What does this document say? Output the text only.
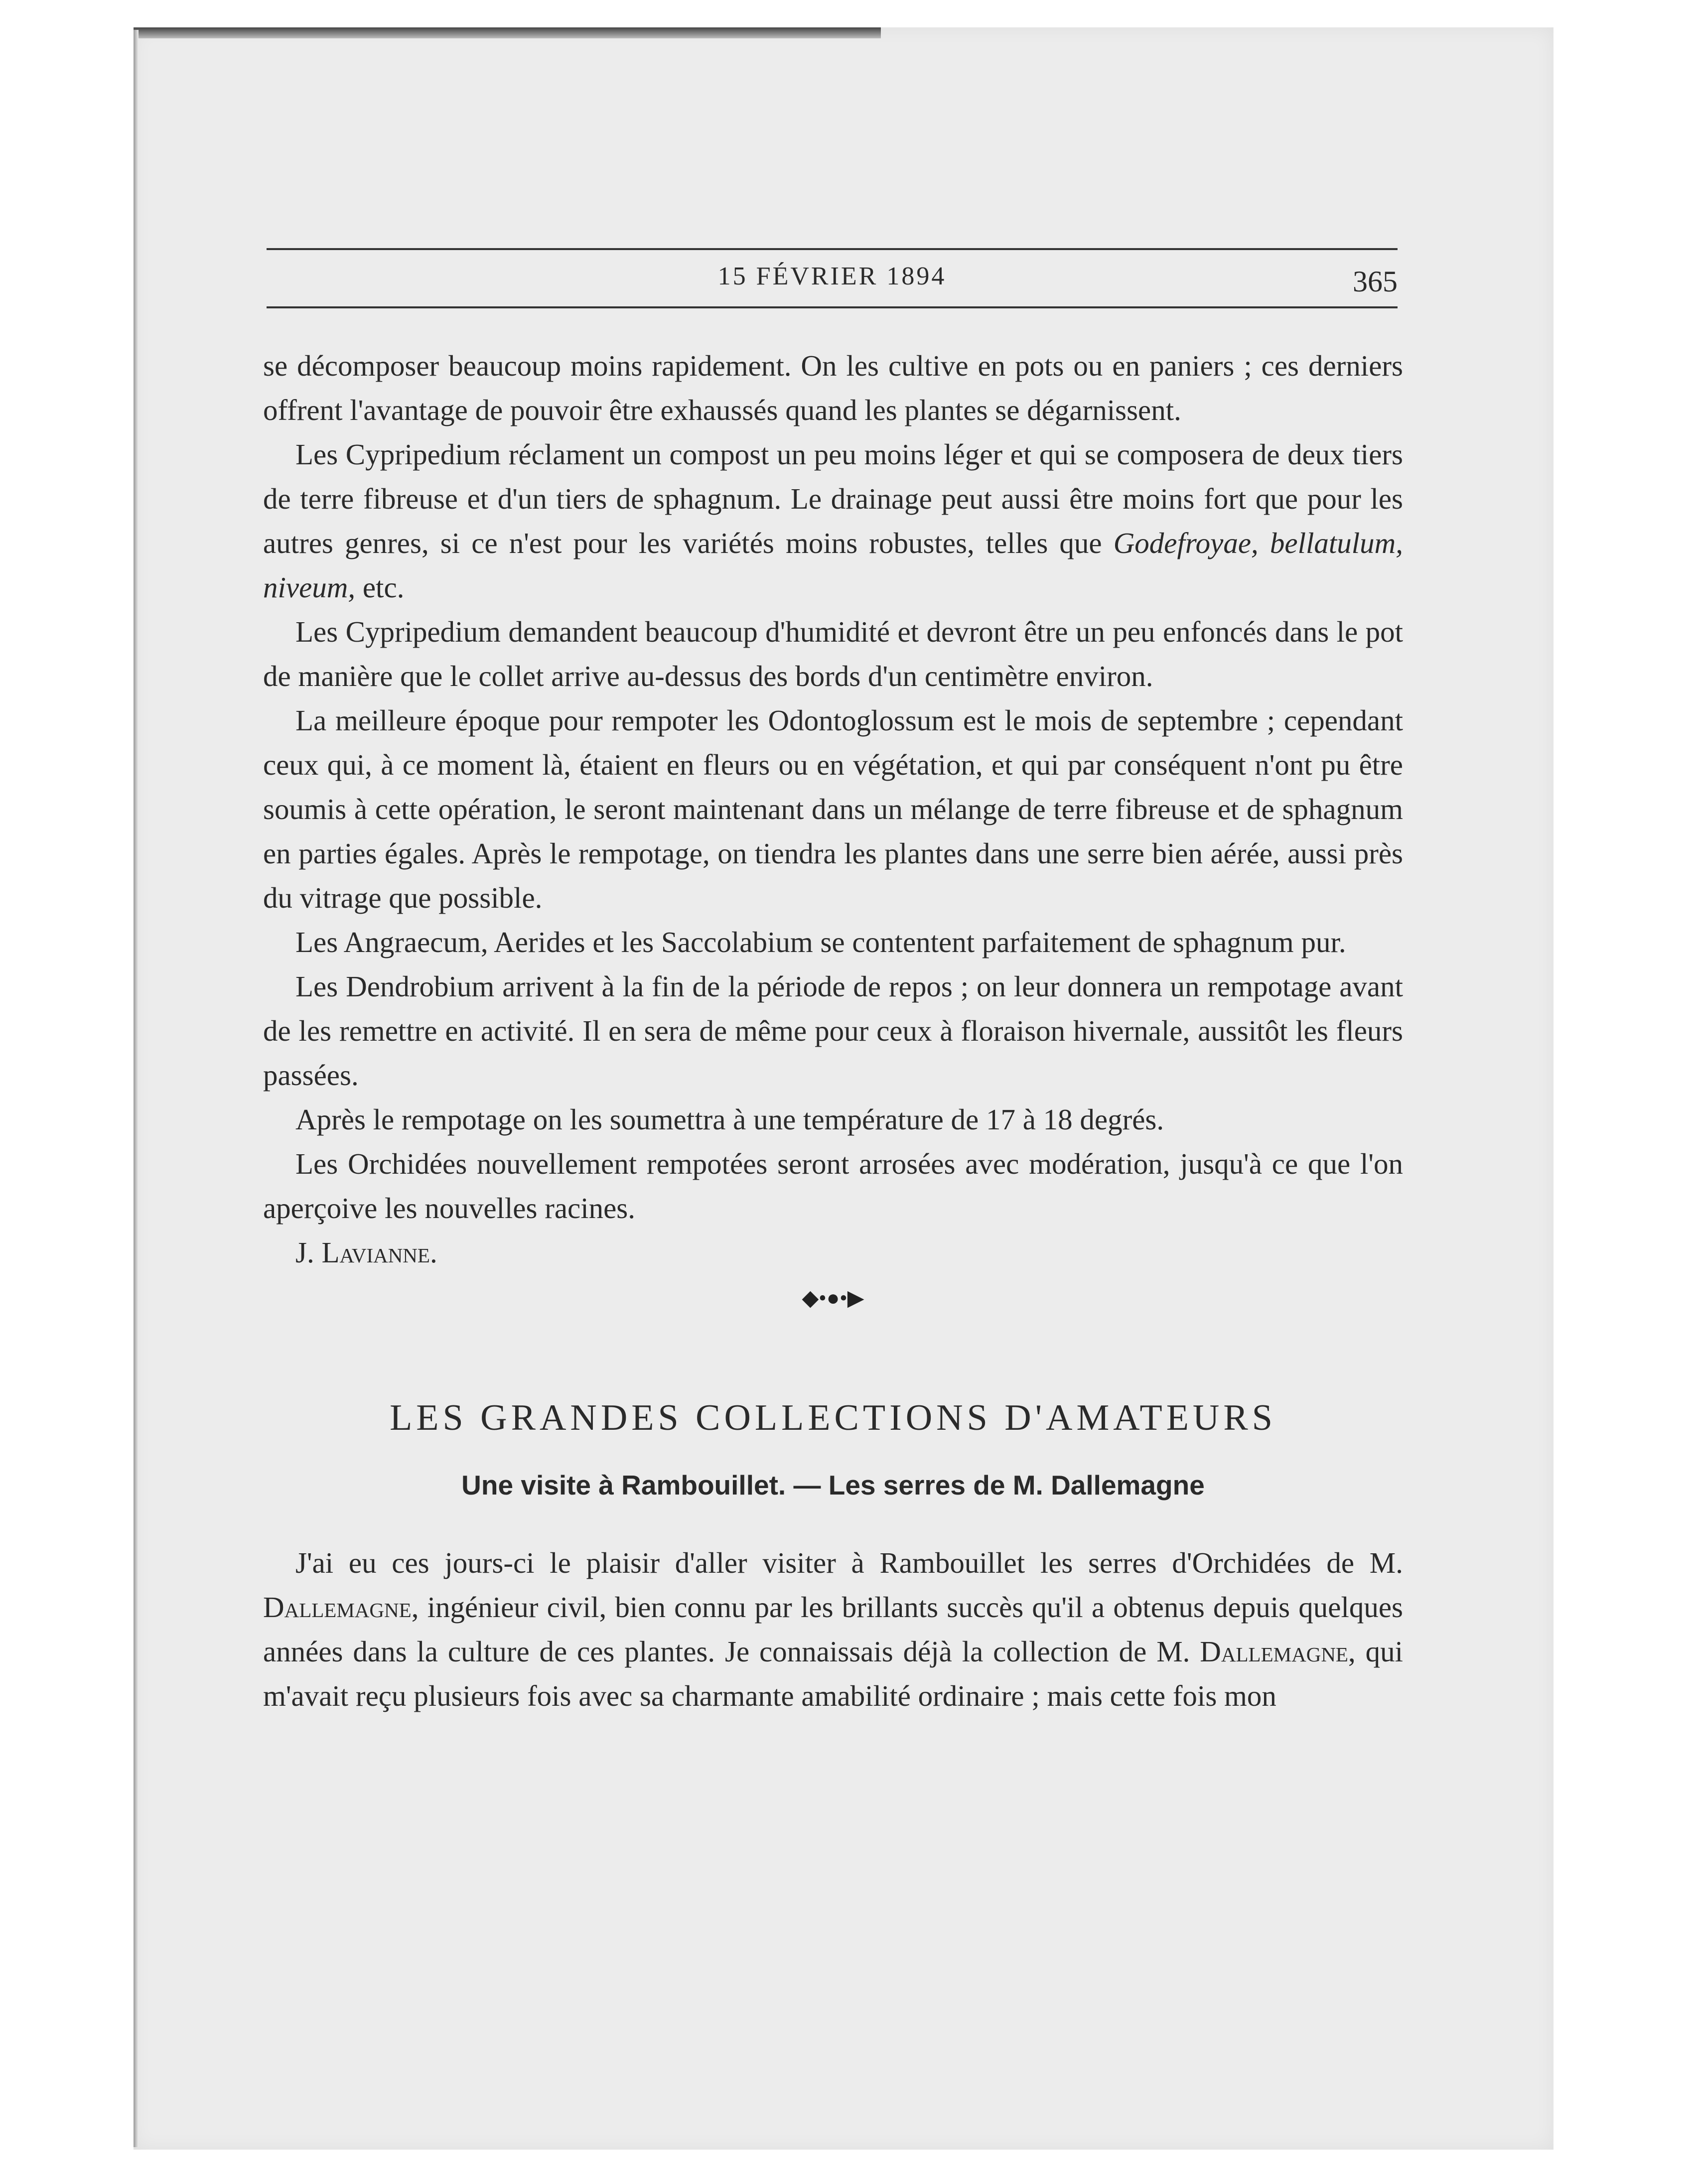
15 FÉVRIER 1894	365

se décomposer beaucoup moins rapidement. On les cultive en pots ou en paniers ; ces derniers offrent l'avantage de pouvoir être exhaussés quand les plantes se dégarnissent.

Les Cypripedium réclament un compost un peu moins léger et qui se composera de deux tiers de terre fibreuse et d'un tiers de sphagnum. Le drainage peut aussi être moins fort que pour les autres genres, si ce n'est pour les variétés moins robustes, telles que Godefroyae, bellatulum, niveum, etc.

Les Cypripedium demandent beaucoup d'humidité et devront être un peu enfoncés dans le pot de manière que le collet arrive au-dessus des bords d'un centimètre environ.

La meilleure époque pour rempoter les Odontoglossum est le mois de septembre ; cependant ceux qui, à ce moment là, étaient en fleurs ou en végétation, et qui par conséquent n'ont pu être soumis à cette opération, le seront maintenant dans un mélange de terre fibreuse et de sphagnum en parties égales. Après le rempotage, on tiendra les plantes dans une serre bien aérée, aussi près du vitrage que possible.

Les Angraecum, Aerides et les Saccolabium se contentent parfaitement de sphagnum pur.

Les Dendrobium arrivent à la fin de la période de repos ; on leur donnera un rempotage avant de les remettre en activité. Il en sera de même pour ceux à floraison hivernale, aussitôt les fleurs passées.

Après le rempotage on les soumettra à une température de 17 à 18 degrés.

Les Orchidées nouvellement rempotées seront arrosées avec modération, jusqu'à ce que l'on aperçoive les nouvelles racines.

J. Lavianne.

◆•●•▶
LES GRANDES COLLECTIONS D'AMATEURS
Une visite à Rambouillet. — Les serres de M. Dallemagne

J'ai eu ces jours-ci le plaisir d'aller visiter à Rambouillet les serres d'Orchidées de M. Dallemagne, ingénieur civil, bien connu par les brillants succès qu'il a obtenus depuis quelques années dans la culture de ces plantes. Je connaissais déjà la collection de M. Dallemagne, qui m'avait reçu plusieurs fois avec sa charmante amabilité ordinaire ; mais cette fois mon
